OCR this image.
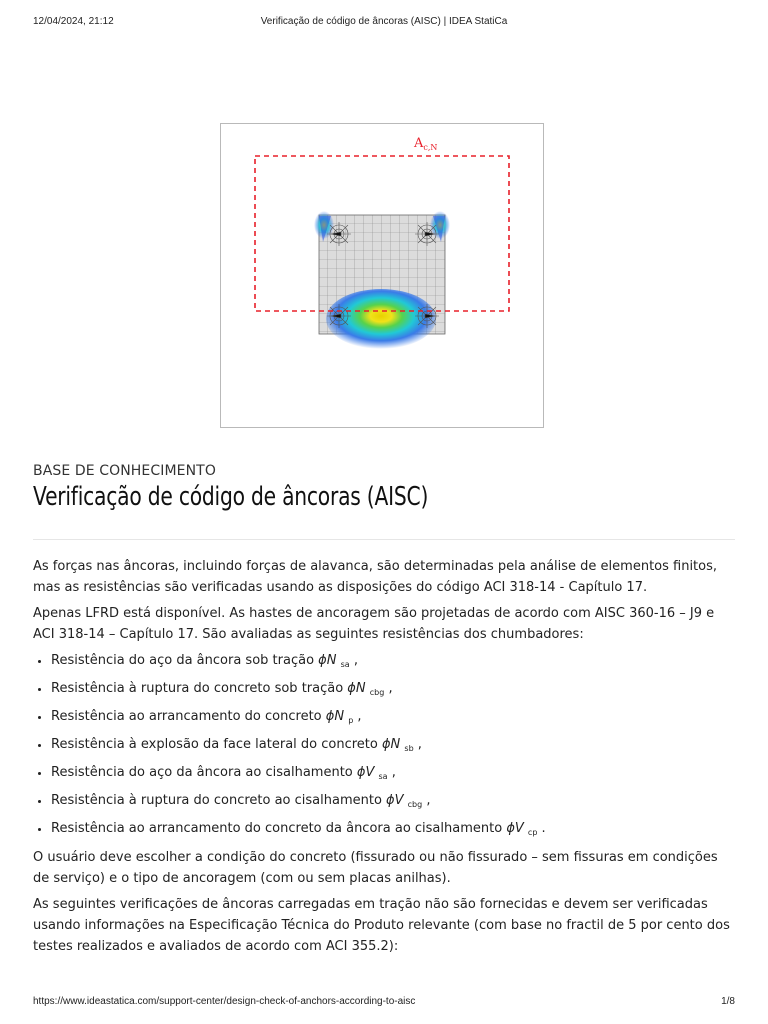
12/04/2024, 21:12	Verificação de código de âncoras (AISC) | IDEA StatiCa
$A_{c,N}$
BASE DE CONHECIMENTO
Verificação de código de âncoras (AISC)

As forças nas âncoras, incluindo forças de alavanca, são determinadas pela análise de elementos finitos, mas as resistências são verificadas usando as disposições do código ACI 318-14 - Capítulo 17.

Apenas LFRD está disponível. As hastes de ancoragem são projetadas de acordo com AISC 360-16 – J9 e ACI 318-14 – Capítulo 17. São avaliadas as seguintes resistências dos chumbadores:

• Resistência do aço da âncora sob tração ϕN $_{sa}$ ,
• Resistência à ruptura do concreto sob tração ϕN $_{cbg}$ ,
• Resistência ao arrancamento do concreto ϕN $_p$ ,
• Resistência à explosão da face lateral do concreto ϕN $_{sb}$ ,
• Resistência do aço da âncora ao cisalhamento ϕV $_{sa}$ ,
• Resistência à ruptura do concreto ao cisalhamento ϕV $_{cbg}$ ,
• Resistência ao arrancamento do concreto da âncora ao cisalhamento ϕV $_{cp}$ .

O usuário deve escolher a condição do concreto (fissurado ou não fissurado – sem fissuras em condições de serviço) e o tipo de ancoragem (com ou sem placas anilhas).

As seguintes verificações de âncoras carregadas em tração não são fornecidas e devem ser verificadas usando informações na Especificação Técnica do Produto relevante (com base no fractil de 5 por cento dos testes realizados e avaliados de acordo com ACI 355.2):

https://www.ideastatica.com/support-center/design-check-of-anchors-according-to-aisc	1/8
